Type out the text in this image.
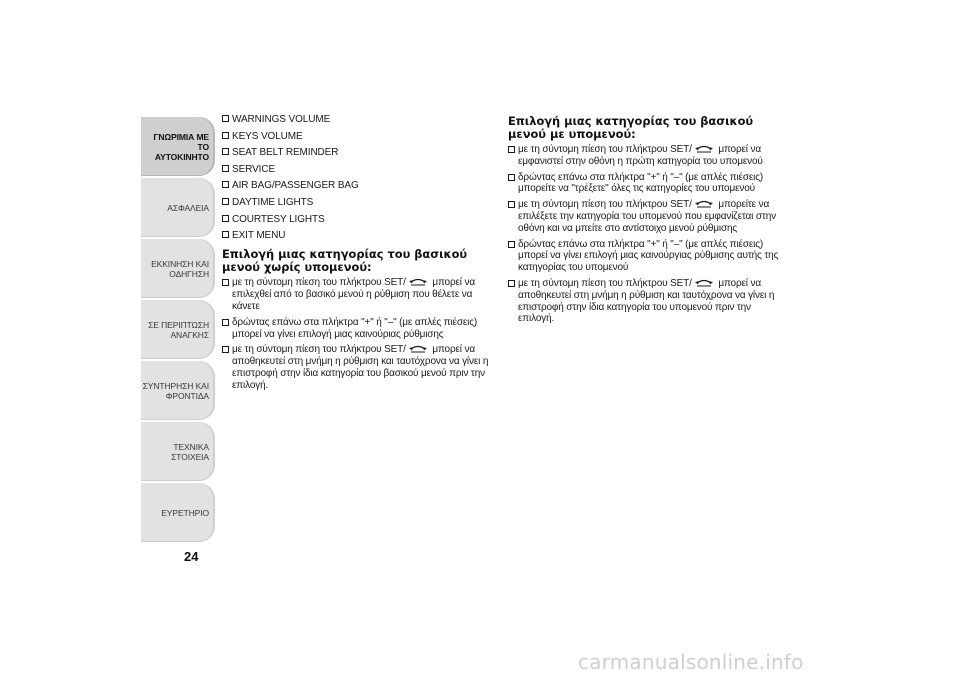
ΓΝΩΡΙΜΙΑ ΜΕ ΤΟ
ΑΥΤΟΚΙΝΗΤΟ
ΑΣΦΑΛΕΙΑ
ΕΚΚΙΝΗΣΗ ΚΑΙ
ΟΔΗΓΗΣΗ
ΣΕ ΠΕΡΙΠΤΩΣΗ
ΑΝΑΓΚΗΣ
ΣΥΝΤΗΡΗΣΗ ΚΑΙ
ΦΡΟΝΤΙΔΑ
ΤΕΧΝΙΚΑ ΣΤΟΙΧΕΙΑ
ΕΥΡΕΤΗΡΙΟ
24
WARNINGS VOLUME
KEYS VOLUME
SEAT BELT REMINDER
SERVICE
AIR BAG/PASSENGER BAG
DAYTIME LIGHTS
COURTESY LIGHTS
EXIT MENU
Επιλογή μιας κατηγορίας του βασικού μενού χωρίς υπομενού:
με τη σύντομη πίεση του πλήκτρου SET/ μπορεί να επιλεχθεί από το βασικό μενού η ρύθμιση που θέλετε να κάνετε
δρώντας επάνω στα πλήκτρα "+" ή "–" (με απλές πιέσεις) μπορεί να γίνει επιλογή μιας καινούριας ρύθμισης
με τη σύντομη πίεση του πλήκτρου SET/ μπορεί να αποθηκευτεί στη μνήμη η ρύθμιση και ταυτόχρονα να γίνει η επιστροφή στην ίδια κατηγορία του βασικού μενού πριν την επιλογή.
Επιλογή μιας κατηγορίας του βασικού μενού με υπομενού:
με τη σύντομη πίεση του πλήκτρου SET/ μπορεί να εμφανιστεί στην οθόνη η πρώτη κατηγορία του υπομενού
δρώντας επάνω στα πλήκτρα "+" ή "–" (με απλές πιέσεις) μπορείτε να "τρέξετε" όλες τις κατηγορίες του υπομενού
με τη σύντομη πίεση του πλήκτρου SET/ μπορείτε να επιλέξετε την κατηγορία του υπομενού που εμφανίζεται στην οθόνη και να μπείτε στο αντίστοιχο μενού ρύθμισης
δρώντας επάνω στα πλήκτρα "+" ή "–" (με απλές πιέσεις) μπορεί να γίνει επιλογή μιας καινούργιας ρύθμισης αυτής της κατηγορίας του υπομενού
με τη σύντομη πίεση του πλήκτρου SET/ μπορεί να αποθηκευτεί στη μνήμη η ρύθμιση και ταυτόχρονα να γίνει η επιστροφή στην ίδια κατηγορία του υπομενού πριν την επιλογή.
carmanualsonline.info
